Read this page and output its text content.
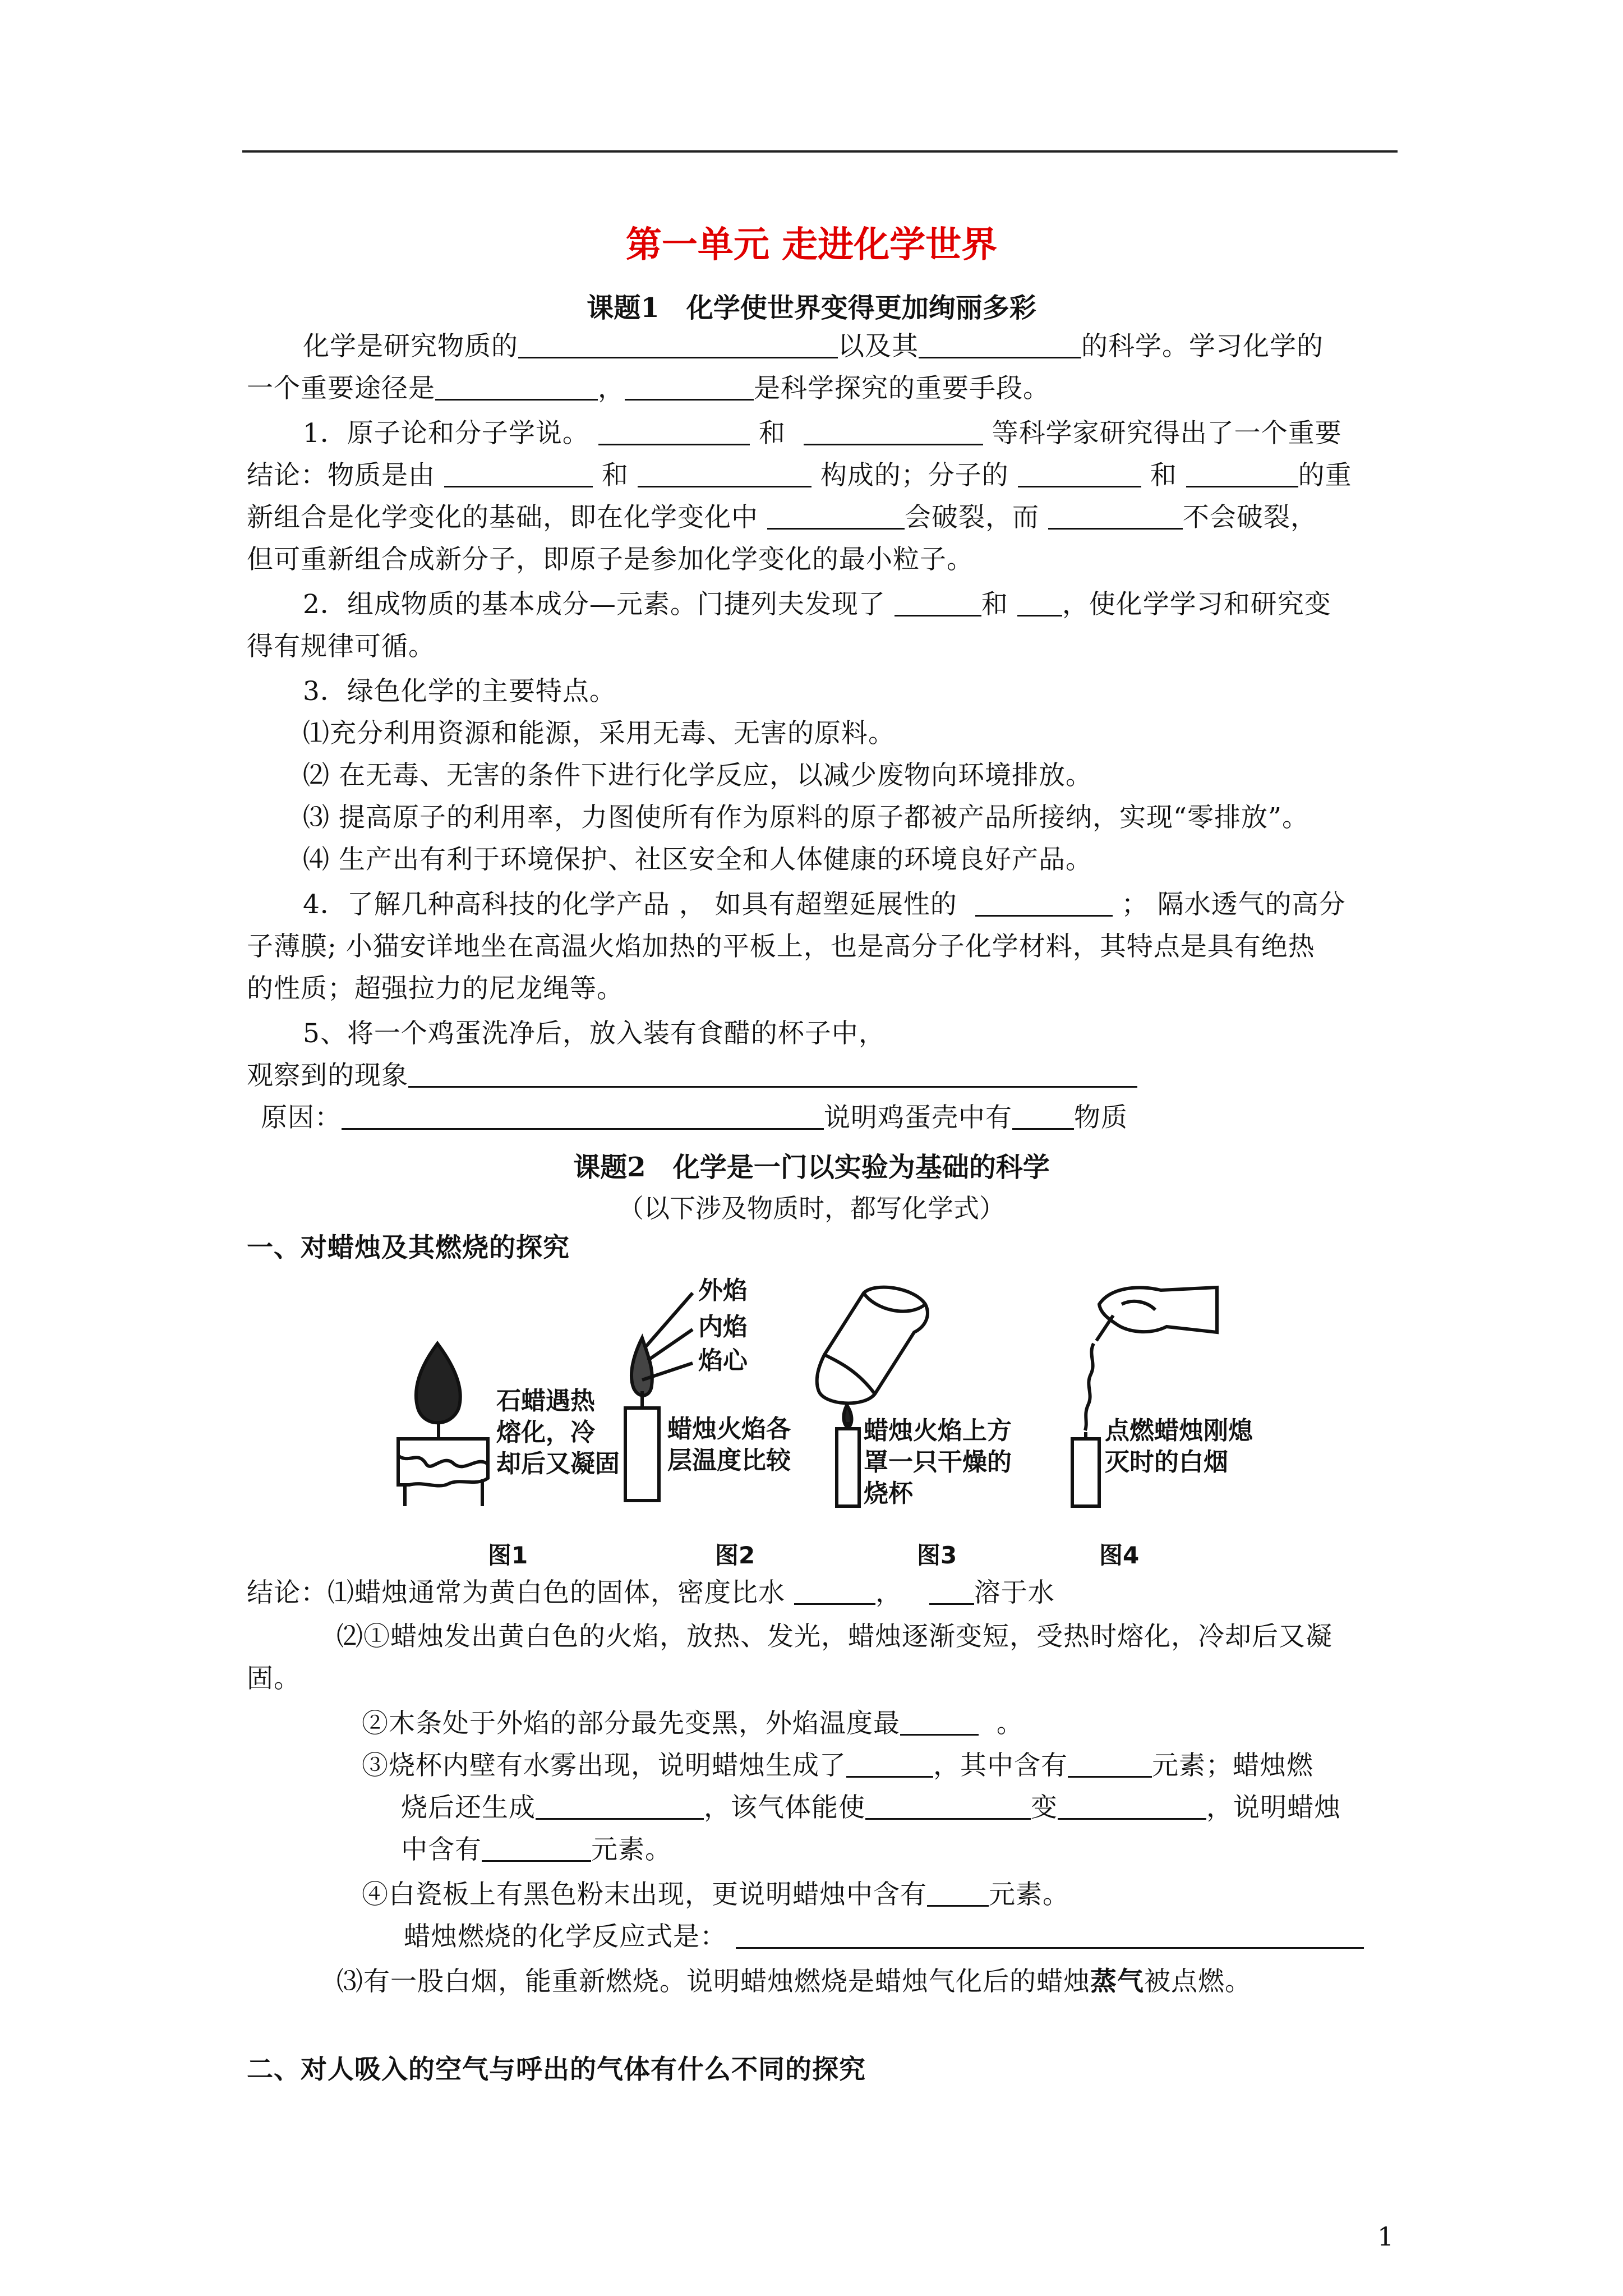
第一单元 走进化学世界
课题1　化学使世界变得更加绚丽多彩
化学是研究物质的	以及其	的科学。学习化学的
一个重要途径是	，	是科学探究的重要手段。
1．原子论和分子学说。	和	等科学家研究得出了一个重要
结论：物质是由	和	构成的；分子的	和	的重
新组合是化学变化的基础，即在化学变化中	会破裂，而	不会破裂，
但可重新组合成新分子，即原子是参加化学变化的最小粒子。
2．组成物质的基本成分—元素。门捷列夫发现了	和 ，使化学学习和研究变
得有规律可循。
3．绿色化学的主要特点。
⑴充分利用资源和能源，采用无毒、无害的原料。
⑵ 在无毒、无害的条件下进行化学反应，以减少废物向环境排放。
⑶ 提高原子的利用率，力图使所有作为原料的原子都被产品所接纳，实现“零排放”。
⑷ 生产出有利于环境保护、社区安全和人体健康的环境良好产品。
4．了解几种高科技的化学产品 ， 如具有超塑延展性的	； 隔水透气的高分
子薄膜; 小猫安详地坐在高温火焰加热的平板上，也是高分子化学材料，其特点是具有绝热
的性质；超强拉力的尼龙绳等。
5、将一个鸡蛋洗净后，放入装有食醋的杯子中，
观察到的现象
原因：	说明鸡蛋壳中有 物质
课题2　化学是一门以实验为基础的科学
（以下涉及物质时，都写化学式）
一、对蜡烛及其燃烧的探究
石蜡遇热
熔化，冷
却后又凝固
外焰
内焰
焰心
蜡烛火焰各
层温度比较
蜡烛火焰上方
罩一只干燥的
烧杯
点燃蜡烛刚熄
灭时的白烟
图1	图2	图3	图4
结论：⑴蜡烛通常为黄白色的固体，密度比水	，	溶于水
⑵①蜡烛发出黄白色的火焰，放热、发光，蜡烛逐渐变短，受热时熔化，冷却后又凝
固。
②木条处于外焰的部分最先变黑，外焰温度最	。
③烧杯内壁有水雾出现，说明蜡烛生成了	，其中含有	元素；蜡烛燃
烧后还生成	，该气体能使	变	，说明蜡烛
中含有	元素。
④白瓷板上有黑色粉末出现，更说明蜡烛中含有 元素。
蜡烛燃烧的化学反应式是：
⑶有一股白烟，能重新燃烧。说明蜡烛燃烧是蜡烛气化后的蜡烛蒸气被点燃。
二、对人吸入的空气与呼出的气体有什么不同的探究
1
